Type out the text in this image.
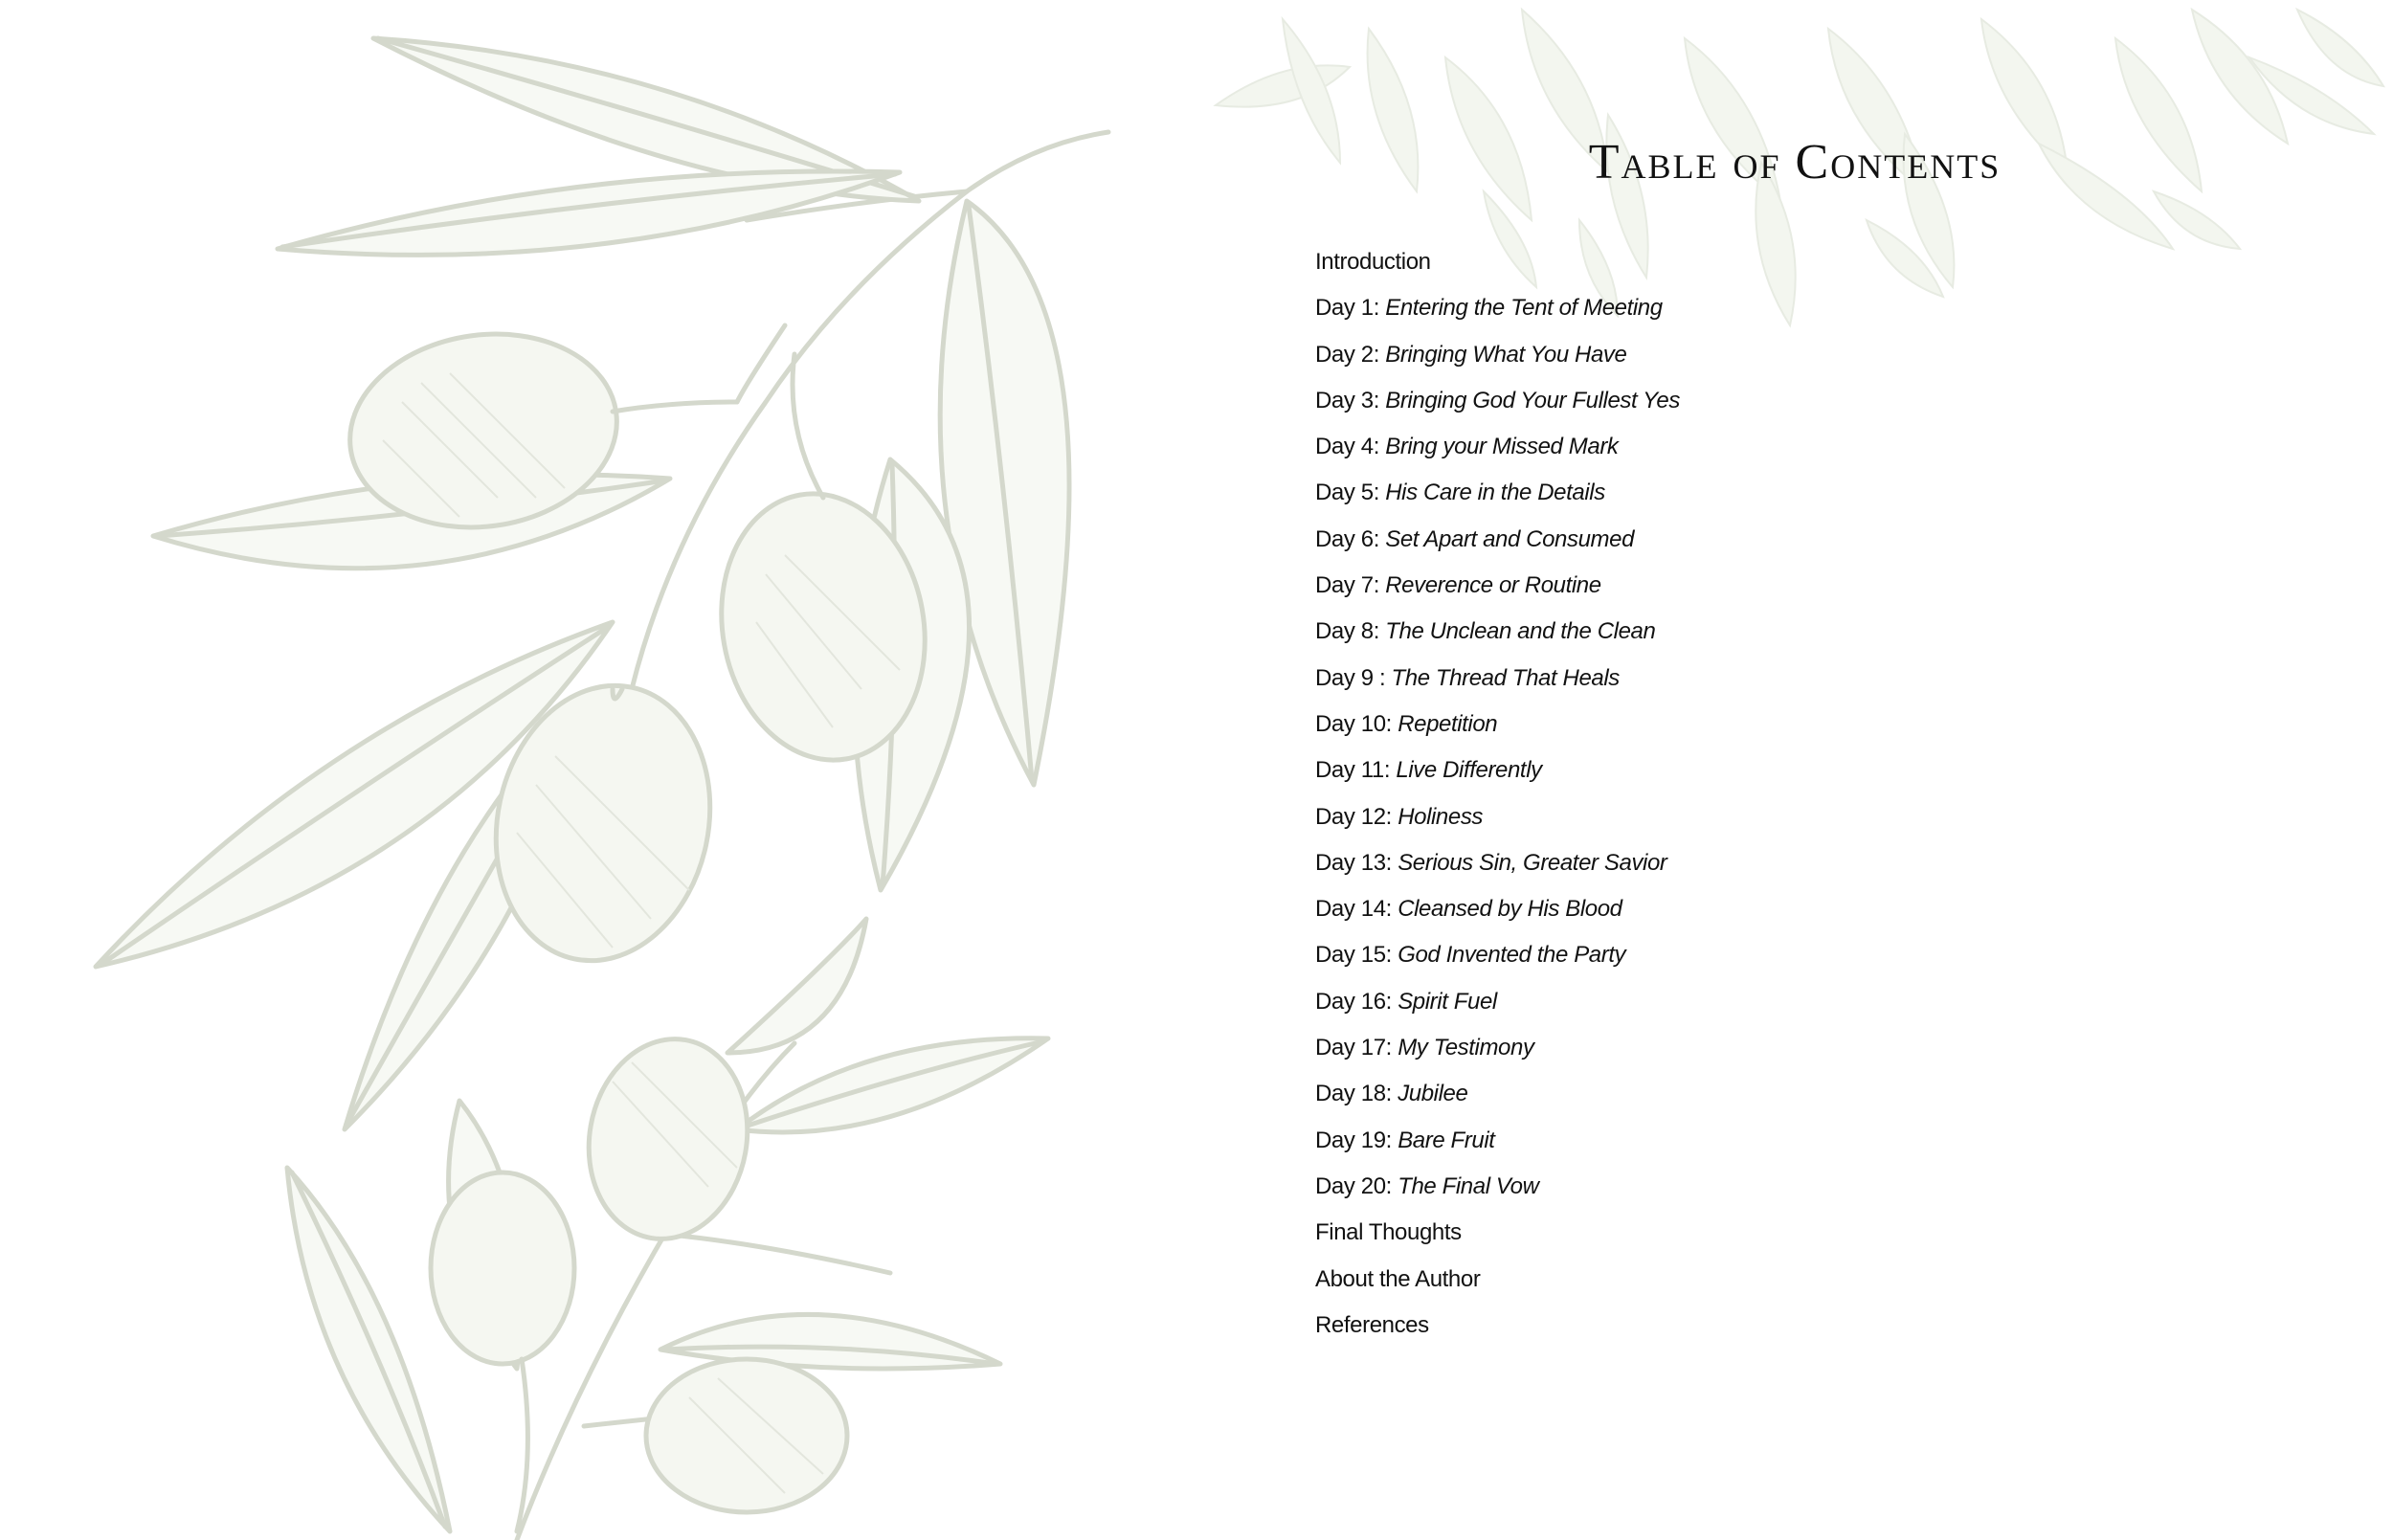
Table of Contents
Introduction
Day 1: Entering the Tent of Meeting
Day 2: Bringing What You Have
Day 3: Bringing God Your Fullest Yes
Day 4: Bring your Missed Mark
Day 5: His Care in the Details
Day 6: Set Apart and Consumed
Day 7: Reverence or Routine
Day 8: The Unclean and the Clean
Day 9 : The Thread That Heals
Day 10: Repetition
Day 11: Live Differently
Day 12: Holiness
Day 13: Serious Sin, Greater Savior
Day 14: Cleansed by His Blood
Day 15: God Invented the Party
Day 16: Spirit Fuel
Day 17: My Testimony
Day 18: Jubilee
Day 19: Bare Fruit
Day 20: The Final Vow
Final Thoughts
About the Author
References
